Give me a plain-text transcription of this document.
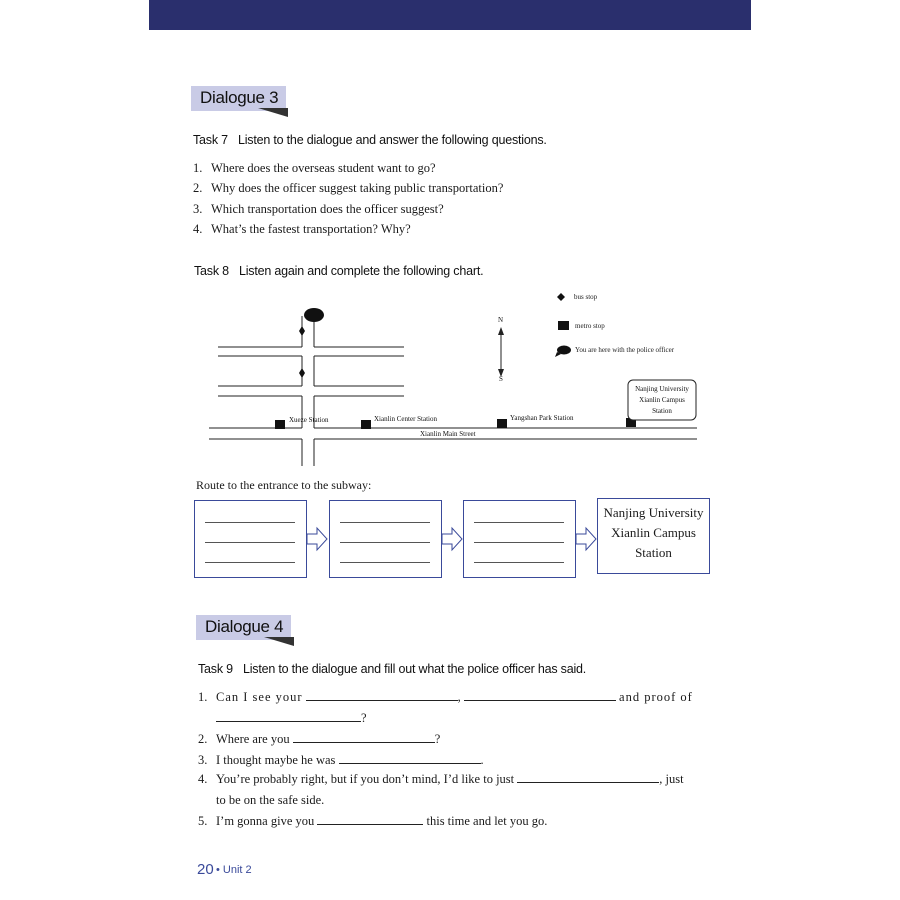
Dialogue 3
Task 7 Listen to the dialogue and answer the following questions.
1. Where does the overseas student want to go?
2. Why does the officer suggest taking public transportation?
3. Which transportation does the officer suggest?
4. What’s the fastest transportation? Why?
Task 8 Listen again and complete the following chart.
bus stop
metro stop
You are here with the police officer
N
S
Xueze Station	Xianlin Center Station	Yangshan Park Station
Nanjing University
Xianlin Campus
Station
Xianlin Main Street
Route to the entrance to the subway:
Nanjing University
Xianlin Campus
Station
Dialogue 4
Task 9 Listen to the dialogue and fill out what the police officer has said.
1. Can I see your	,	and proof of
?
2. Where are you	?
3. I thought maybe he was	.
4. You’re probably right, but if you don’t mind, I’d like to just	, just
to be on the safe side.
5. I’m gonna give you	this time and let you go.
20 • Unit 2
